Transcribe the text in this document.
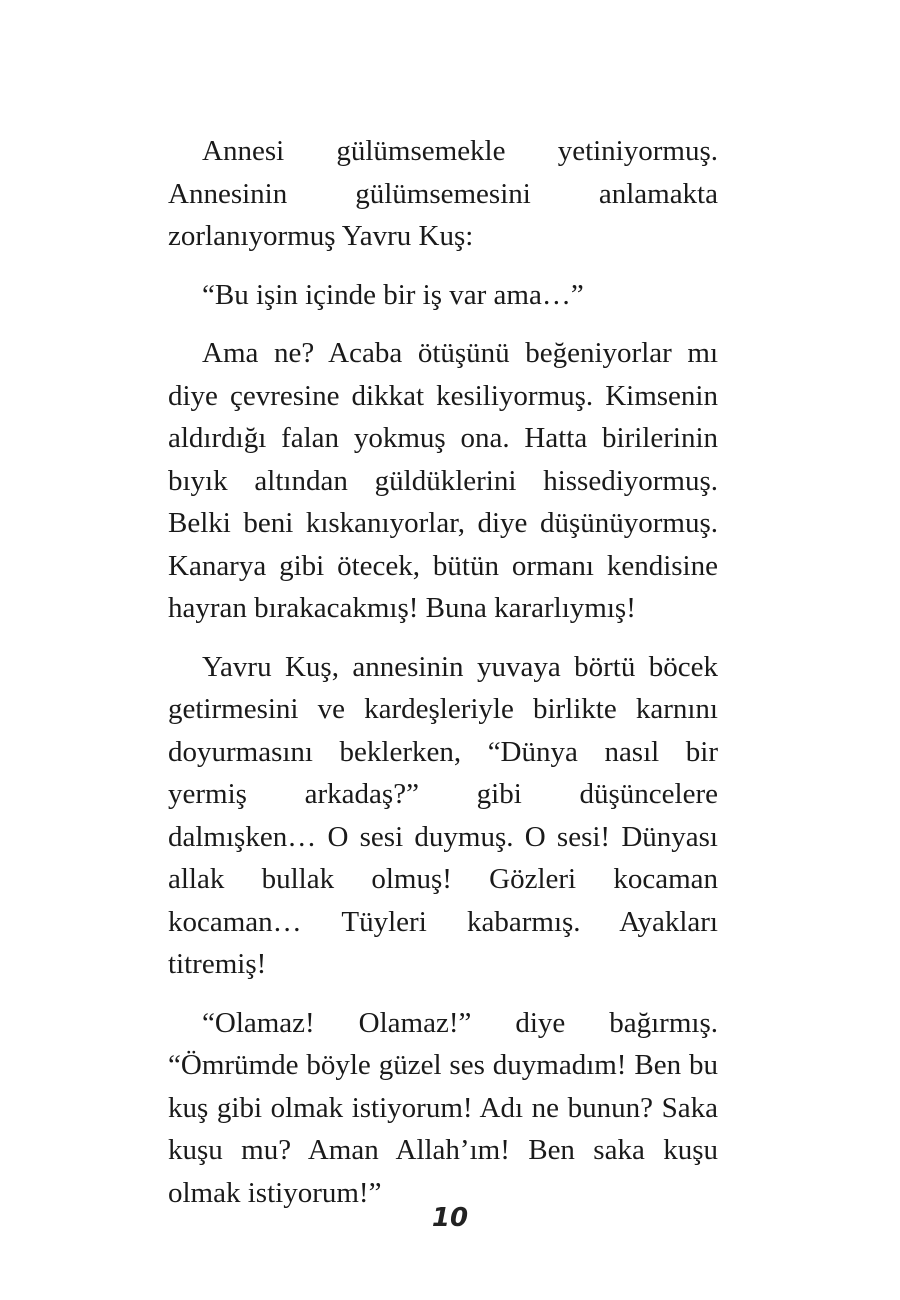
Annesi gülümsemekle yetiniyormuş. Annesinin gülümsemesini anlamakta zorlanıyormuş Yavru Kuş:

“Bu işin içinde bir iş var ama…”

Ama ne? Acaba ötüşünü beğeniyorlar mı diye çevresine dikkat kesiliyormuş. Kimsenin aldırdığı falan yokmuş ona. Hatta birilerinin bıyık altından güldüklerini hissediyormuş. Belki beni kıskanıyorlar, diye düşünüyormuş. Kanarya gibi ötecek, bütün ormanı kendisine hayran bırakacakmış! Buna kararlıymış!

Yavru Kuş, annesinin yuvaya börtü böcek getirmesini ve kardeşleriyle birlikte karnını doyurmasını beklerken, “Dünya nasıl bir yermiş arkadaş?” gibi düşüncelere dalmışken… O sesi duymuş. O sesi! Dünyası allak bullak olmuş! Gözleri kocaman kocaman… Tüyleri kabarmış. Ayakları titremiş!

“Olamaz! Olamaz!” diye bağırmış. “Ömrümde böyle güzel ses duymadım! Ben bu kuş gibi olmak istiyorum! Adı ne bunun? Saka kuşu mu? Aman Allah’ım! Ben saka kuşu olmak istiyorum!”

10
